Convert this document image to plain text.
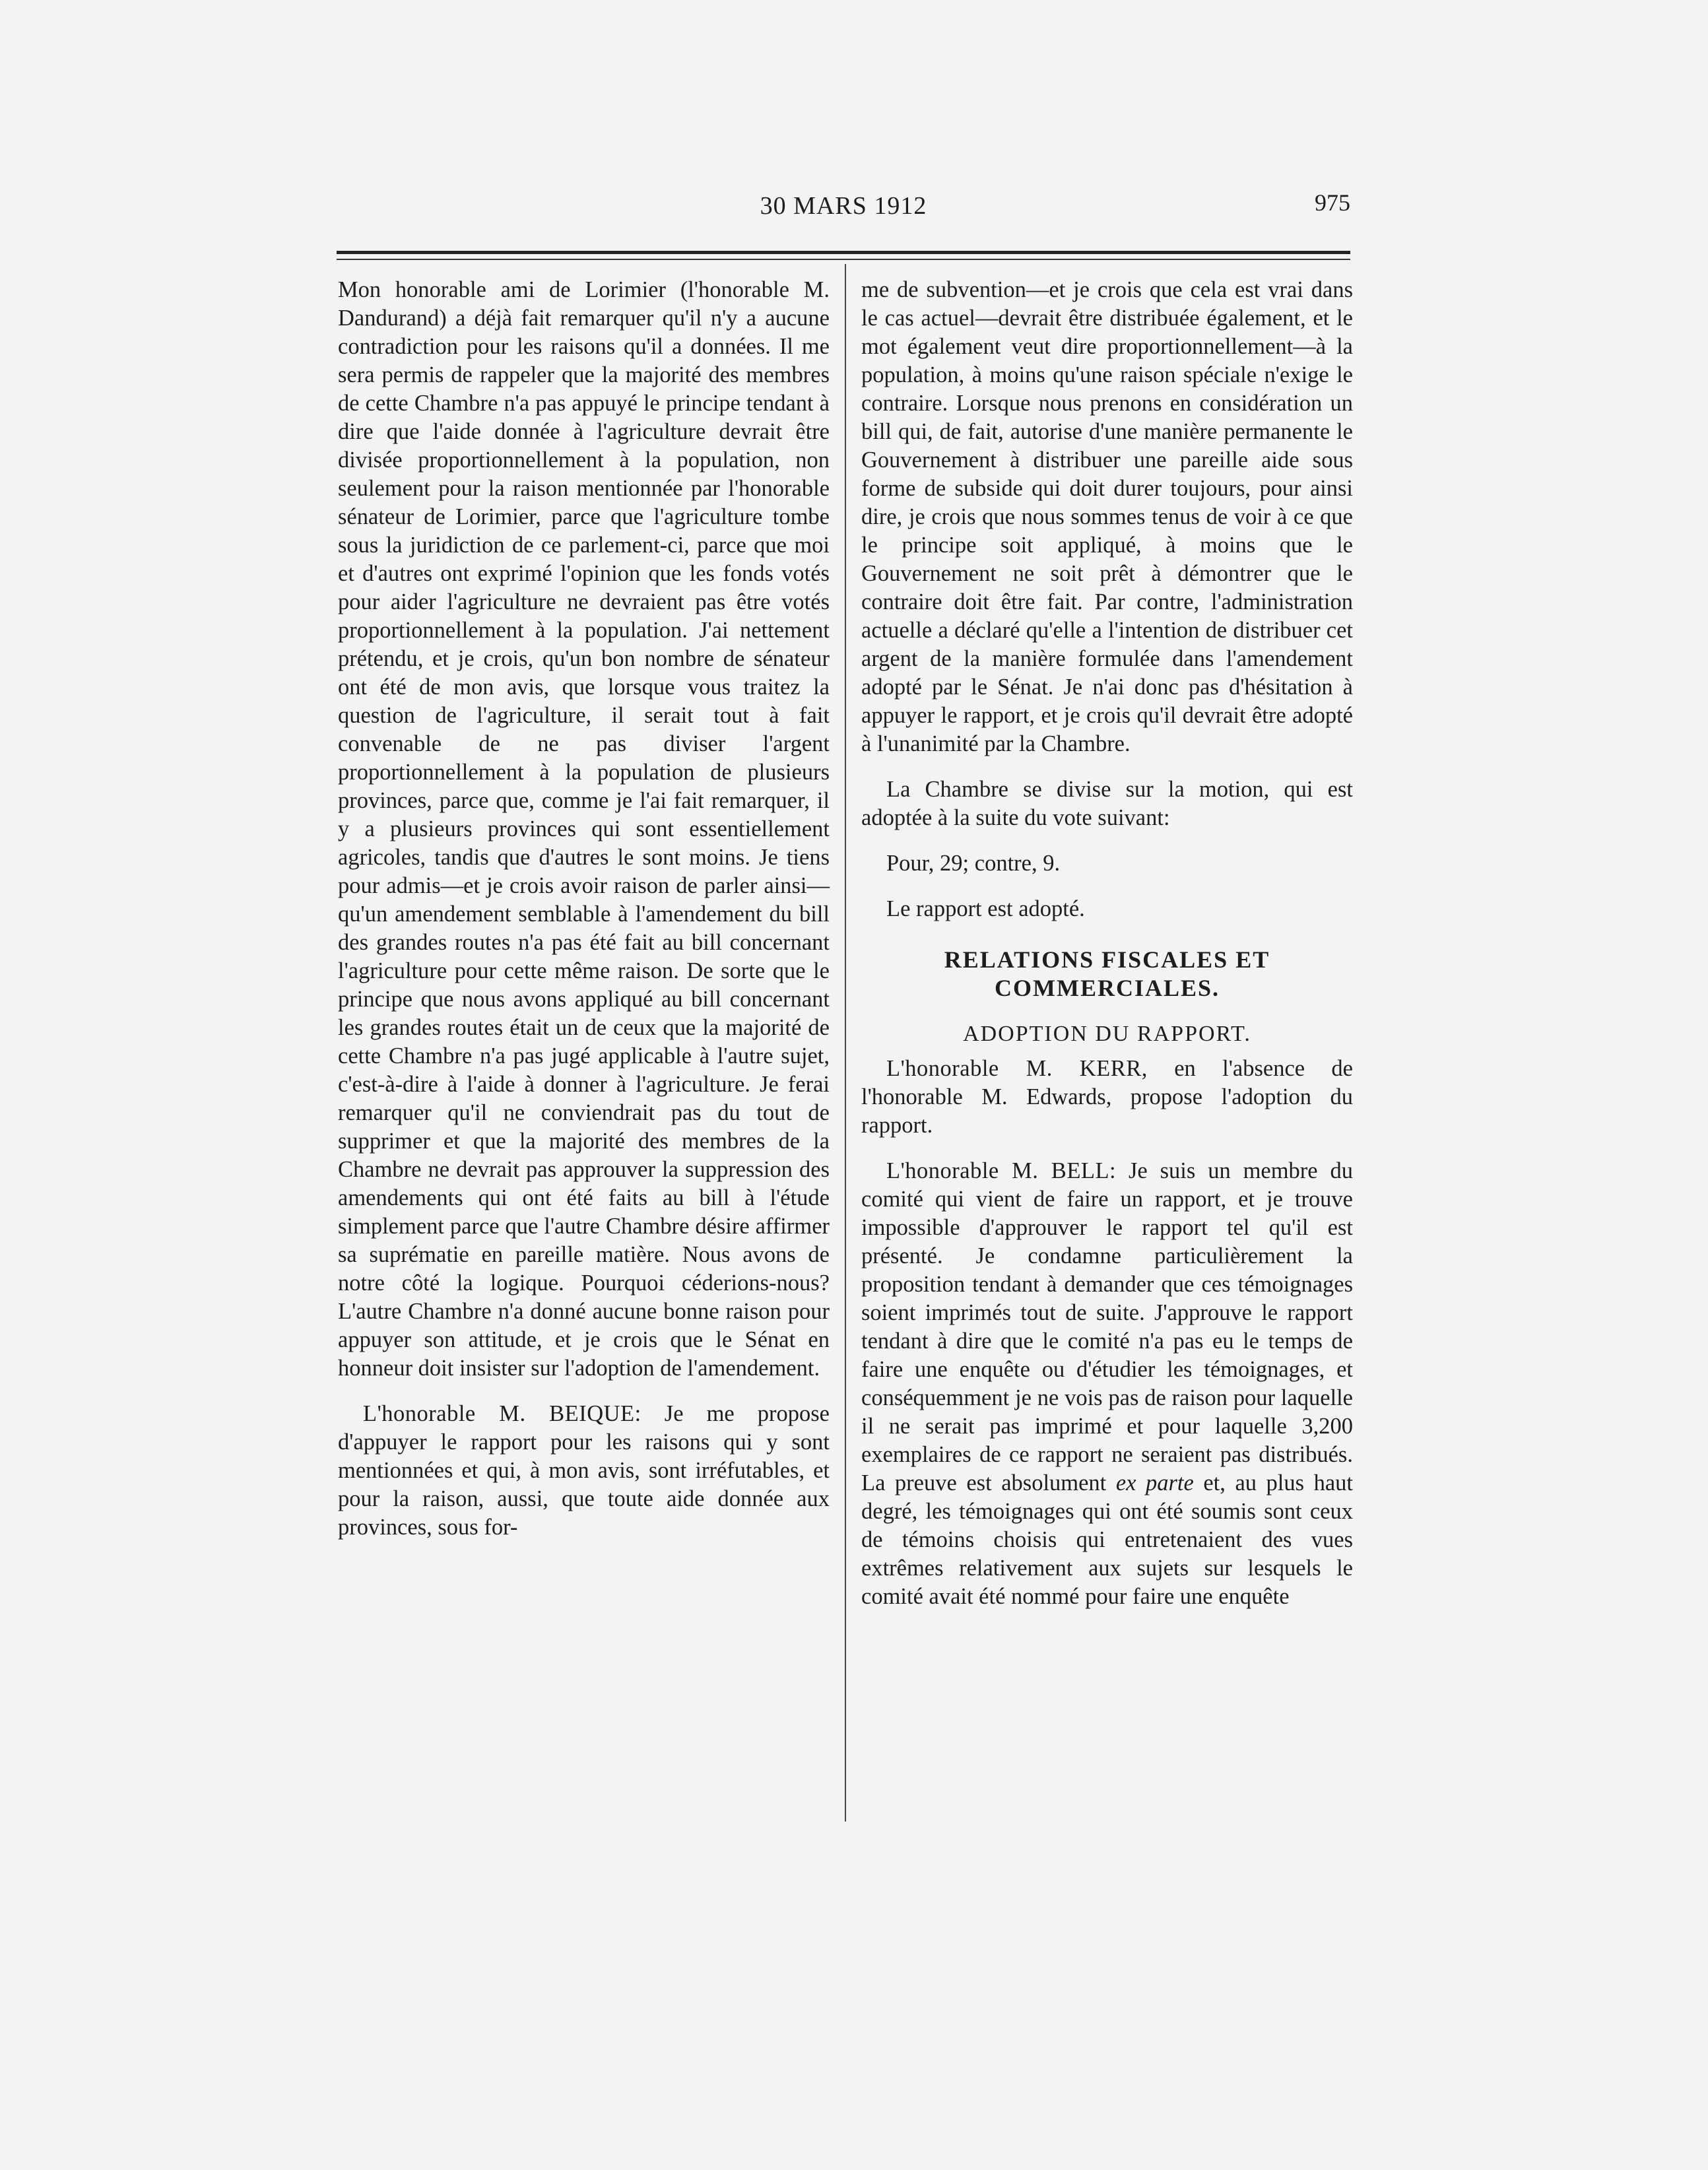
30 MARS 1912	975

Mon honorable ami de Lorimier (l'honorable M. Dandurand) a déjà fait remarquer qu'il n'y a aucune contradiction pour les raisons qu'il a données. Il me sera permis de rappeler que la majorité des membres de cette Chambre n'a pas appuyé le principe tendant à dire que l'aide donnée à l'agriculture devrait être divisée proportionnellement à la population, non seulement pour la raison mentionnée par l'honorable sénateur de Lorimier, parce que l'agriculture tombe sous la juridiction de ce parlement-ci, parce que moi et d'autres ont exprimé l'opinion que les fonds votés pour aider l'agriculture ne devraient pas être votés proportionnellement à la population. J'ai nettement prétendu, et je crois, qu'un bon nombre de sénateur ont été de mon avis, que lorsque vous traitez la question de l'agriculture, il serait tout à fait convenable de ne pas diviser l'argent proportionnellement à la population de plusieurs provinces, parce que, comme je l'ai fait remarquer, il y a plusieurs provinces qui sont essentiellement agricoles, tandis que d'autres le sont moins. Je tiens pour admis—et je crois avoir raison de parler ainsi—qu'un amendement semblable à l'amendement du bill des grandes routes n'a pas été fait au bill concernant l'agriculture pour cette même raison. De sorte que le principe que nous avons appliqué au bill concernant les grandes routes était un de ceux que la majorité de cette Chambre n'a pas jugé applicable à l'autre sujet, c'est-à-dire à l'aide à donner à l'agriculture. Je ferai remarquer qu'il ne conviendrait pas du tout de supprimer et que la majorité des membres de la Chambre ne devrait pas approuver la suppression des amendements qui ont été faits au bill à l'étude simplement parce que l'autre Chambre désire affirmer sa suprématie en pareille matière. Nous avons de notre côté la logique. Pourquoi céderions-nous? L'autre Chambre n'a donné aucune bonne raison pour appuyer son attitude, et je crois que le Sénat en honneur doit insister sur l'adoption de l'amendement.

L'honorable M. BEIQUE: Je me propose d'appuyer le rapport pour les raisons qui y sont mentionnées et qui, à mon avis, sont irréfutables, et pour la raison, aussi, que toute aide donnée aux provinces, sous for-

me de subvention—et je crois que cela est vrai dans le cas actuel—devrait être distribuée également, et le mot également veut dire proportionnellement—à la population, à moins qu'une raison spéciale n'exige le contraire. Lorsque nous prenons en considération un bill qui, de fait, autorise d'une manière permanente le Gouvernement à distribuer une pareille aide sous forme de subside qui doit durer toujours, pour ainsi dire, je crois que nous sommes tenus de voir à ce que le principe soit appliqué, à moins que le Gouvernement ne soit prêt à démontrer que le contraire doit être fait. Par contre, l'administration actuelle a déclaré qu'elle a l'intention de distribuer cet argent de la manière formulée dans l'amendement adopté par le Sénat. Je n'ai donc pas d'hésitation à appuyer le rapport, et je crois qu'il devrait être adopté à l'unanimité par la Chambre.

La Chambre se divise sur la motion, qui est adoptée à la suite du vote suivant:

Pour, 29; contre, 9.

Le rapport est adopté.

RELATIONS FISCALES ET COMMERCIALES.
ADOPTION DU RAPPORT.

L'honorable M. KERR, en l'absence de l'honorable M. Edwards, propose l'adoption du rapport.

L'honorable M. BELL: Je suis un membre du comité qui vient de faire un rapport, et je trouve impossible d'approuver le rapport tel qu'il est présenté. Je condamne particulièrement la proposition tendant à demander que ces témoignages soient imprimés tout de suite. J'approuve le rapport tendant à dire que le comité n'a pas eu le temps de faire une enquête ou d'étudier les témoignages, et conséquemment je ne vois pas de raison pour laquelle il ne serait pas imprimé et pour laquelle 3,200 exemplaires de ce rapport ne seraient pas distribués. La preuve est absolument ex parte et, au plus haut degré, les témoignages qui ont été soumis sont ceux de témoins choisis qui entretenaient des vues extrêmes relativement aux sujets sur lesquels le comité avait été nommé pour faire une enquête
